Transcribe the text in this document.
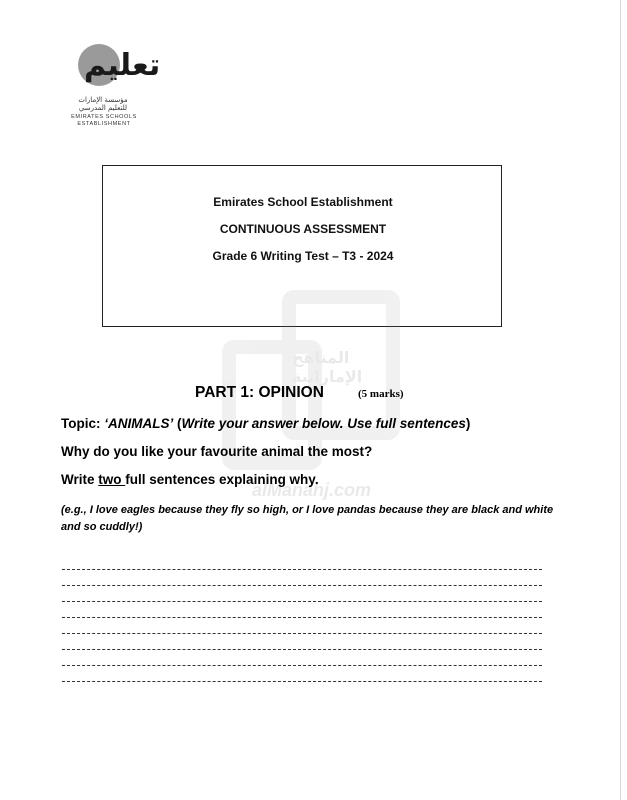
تعليم
مؤسسة الإمارات للتعليم المدرسي
EMIRATES SCHOOLS ESTABLISHMENT
Emirates School Establishment
CONTINUOUS ASSESSMENT
Grade 6 Writing Test – T3 - 2024
المناهج الإماراتية
alManahj.com
PART 1: OPINION	(5 marks)
Topic: ‘ANIMALS’ (Write your answer below. Use full sentences)
Why do you like your favourite animal the most?
Write two full sentences explaining why.
(e.g., I love eagles because they fly so high, or I love pandas because they are black and white and so cuddly!)
